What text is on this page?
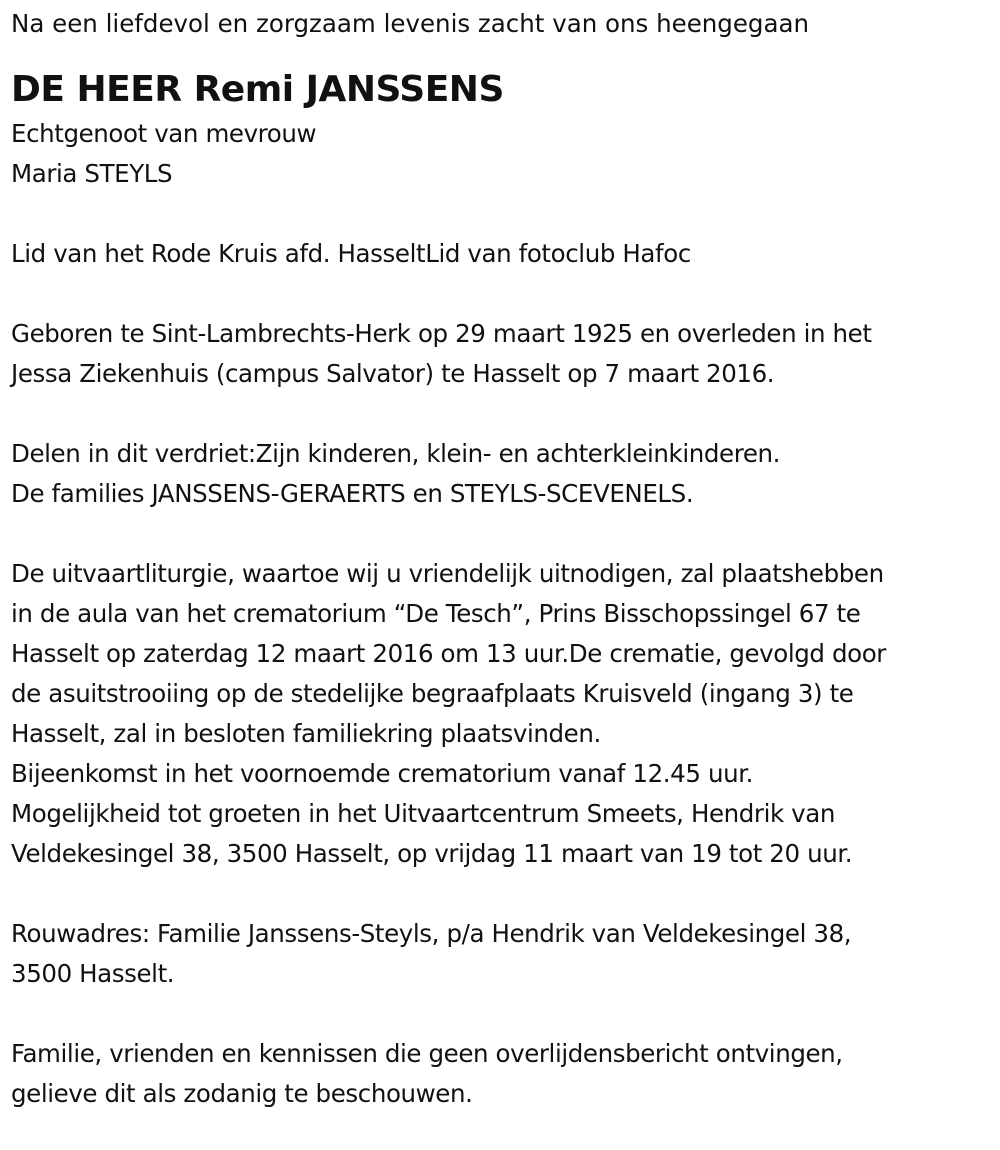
Na een liefdevol en zorgzaam levenis zacht van ons heengegaan

DE HEER Remi JANSSENS

Echtgenoot van mevrouw

Maria STEYLS

Lid van het Rode Kruis afd. HasseltLid van fotoclub Hafoc

Geboren te Sint-Lambrechts-Herk op 29 maart 1925 en overleden in het

Jessa Ziekenhuis (campus Salvator) te Hasselt op 7 maart 2016.

Delen in dit verdriet:Zijn kinderen, klein- en achterkleinkinderen.

De families JANSSENS-GERAERTS en STEYLS-SCEVENELS.

De uitvaartliturgie, waartoe wij u vriendelijk uitnodigen, zal plaatshebben

in de aula van het crematorium “De Tesch”, Prins Bisschopssingel 67 te

Hasselt op zaterdag 12 maart 2016 om 13 uur.De crematie, gevolgd door

de asuitstrooiing op de stedelijke begraafplaats Kruisveld (ingang 3) te

Hasselt, zal in besloten familiekring plaatsvinden.

Bijeenkomst in het voornoemde crematorium vanaf 12.45 uur.

Mogelijkheid tot groeten in het Uitvaartcentrum Smeets, Hendrik van

Veldekesingel 38, 3500 Hasselt, op vrijdag 11 maart van 19 tot 20 uur.

Rouwadres: Familie Janssens-Steyls, p/a Hendrik van Veldekesingel 38,

3500 Hasselt.

Familie, vrienden en kennissen die geen overlijdensbericht ontvingen,

gelieve dit als zodanig te beschouwen.
